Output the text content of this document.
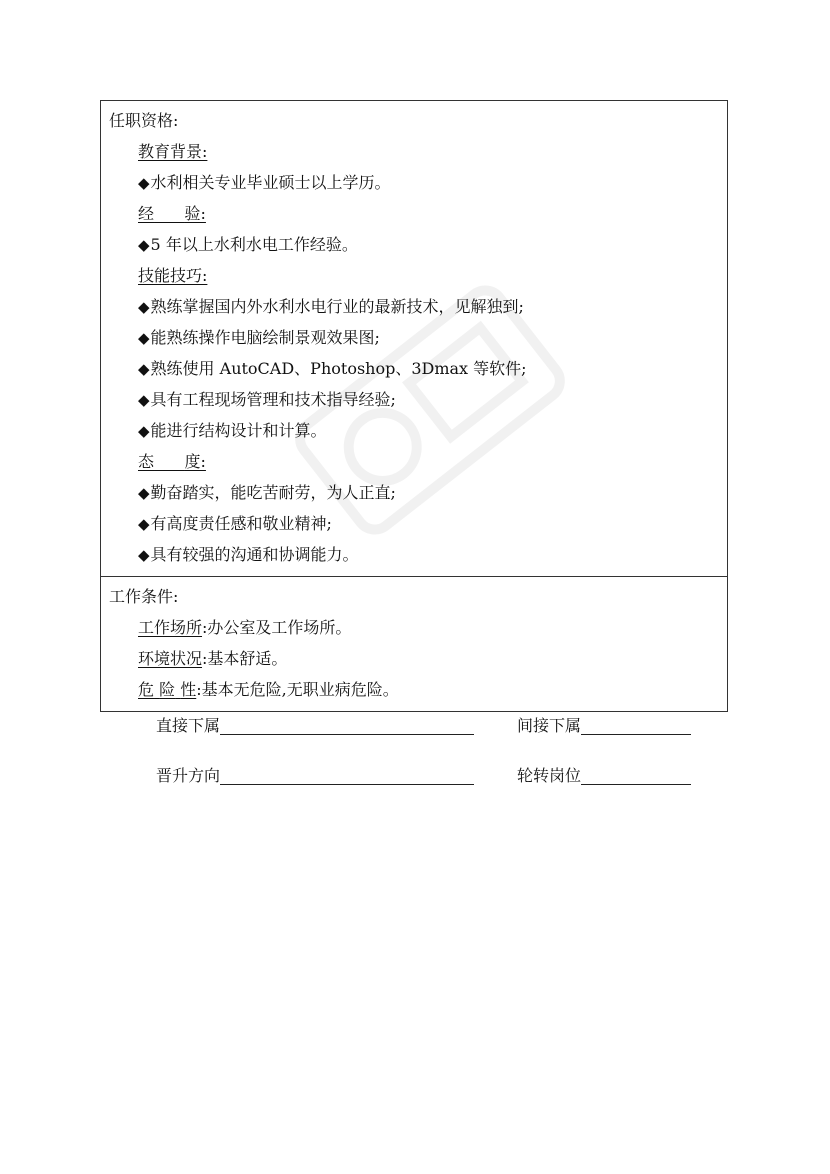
任职资格:
教育背景:
◆水利相关专业毕业硕士以上学历。
经 验:
◆5 年以上水利水电工作经验。
技能技巧:
◆熟练掌握国内外水利水电行业的最新技术，见解独到;
◆能熟练操作电脑绘制景观效果图;
◆熟练使用 AutoCAD、Photoshop、3Dmax 等软件;
◆具有工程现场管理和技术指导经验;
◆能进行结构设计和计算。
态 度:
◆勤奋踏实，能吃苦耐劳，为人正直;
◆有高度责任感和敬业精神;
◆具有较强的沟通和协调能力。
工作条件:
工作场所:办公室及工作场所。
环境状况:基本舒适。
危 险 性:基本无危险,无职业病危险。
直接下属	间接下属
晋升方向	轮转岗位
